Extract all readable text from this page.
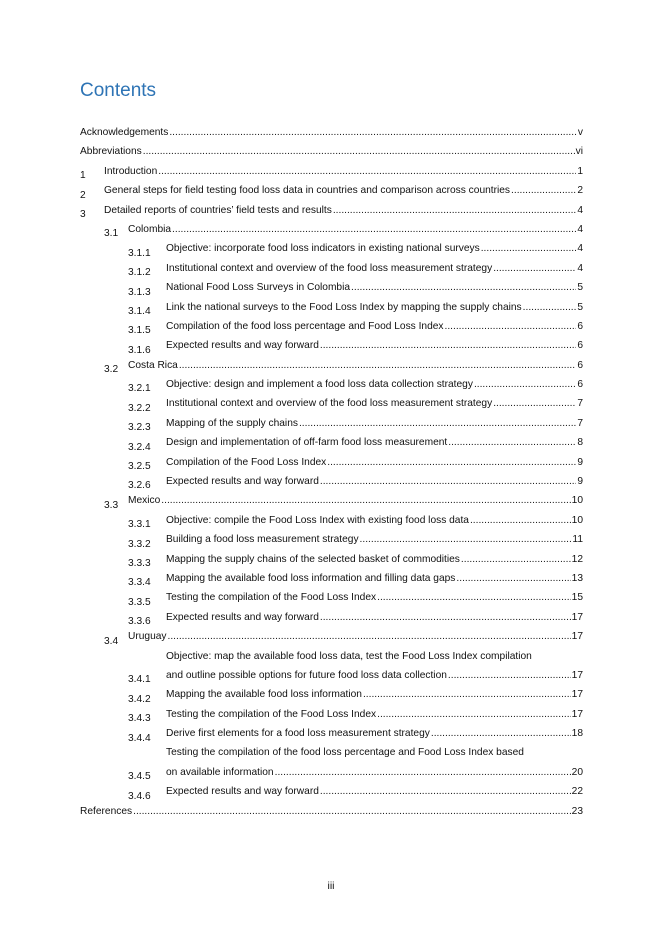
Contents
Acknowledgements .....	v
Abbreviations .....	vi
1	Introduction .....	1
2	General steps for field testing food loss data in countries and comparison across countries .....	2
3	Detailed reports of countries’ field tests and results .....	4
3.1 Colombia .....	4
3.1.1	Objective: incorporate food loss indicators in existing national surveys .....	4
3.1.2	Institutional context and overview of the food loss measurement strategy .....	4
3.1.3	National Food Loss Surveys in Colombia .....	5
3.1.4	Link the national surveys to the Food Loss Index by mapping the supply chains .....	5
3.1.5	Compilation of the food loss percentage and Food Loss Index .....	6
3.1.6	Expected results and way forward .....	6
3.2 Costa Rica .....	6
3.2.1	Objective: design and implement a food loss data collection strategy .....	6
3.2.2	Institutional context and overview of the food loss measurement strategy .....	7
3.2.3	Mapping of the supply chains .....	7
3.2.4	Design and implementation of off-farm food loss measurement .....	8
3.2.5	Compilation of the Food Loss Index .....	9
3.2.6	Expected results and way forward .....	9
3.3 Mexico .....	10
3.3.1	Objective: compile the Food Loss Index with existing food loss data .....	10
3.3.2	Building a food loss measurement strategy .....	11
3.3.3	Mapping the supply chains of the selected basket of commodities .....	12
3.3.4	Mapping the available food loss information and filling data gaps .....	13
3.3.5	Testing the compilation of the Food Loss Index .....	15
3.3.6	Expected results and way forward .....	17
3.4 Uruguay .....	17
3.4.1
Objective: map the available food loss data, test the Food Loss Index compilation
and outline possible options for future food loss data collection .....	17
3.4.2	Mapping the available food loss information .....	17
3.4.3	Testing the compilation of the Food Loss Index .....	17
3.4.4	Derive first elements for a food loss measurement strategy .....	18
3.4.5
Testing the compilation of the food loss percentage and Food Loss Index based
on available information .....	20
3.4.6	Expected results and way forward .....	22
References .....	23
iii
